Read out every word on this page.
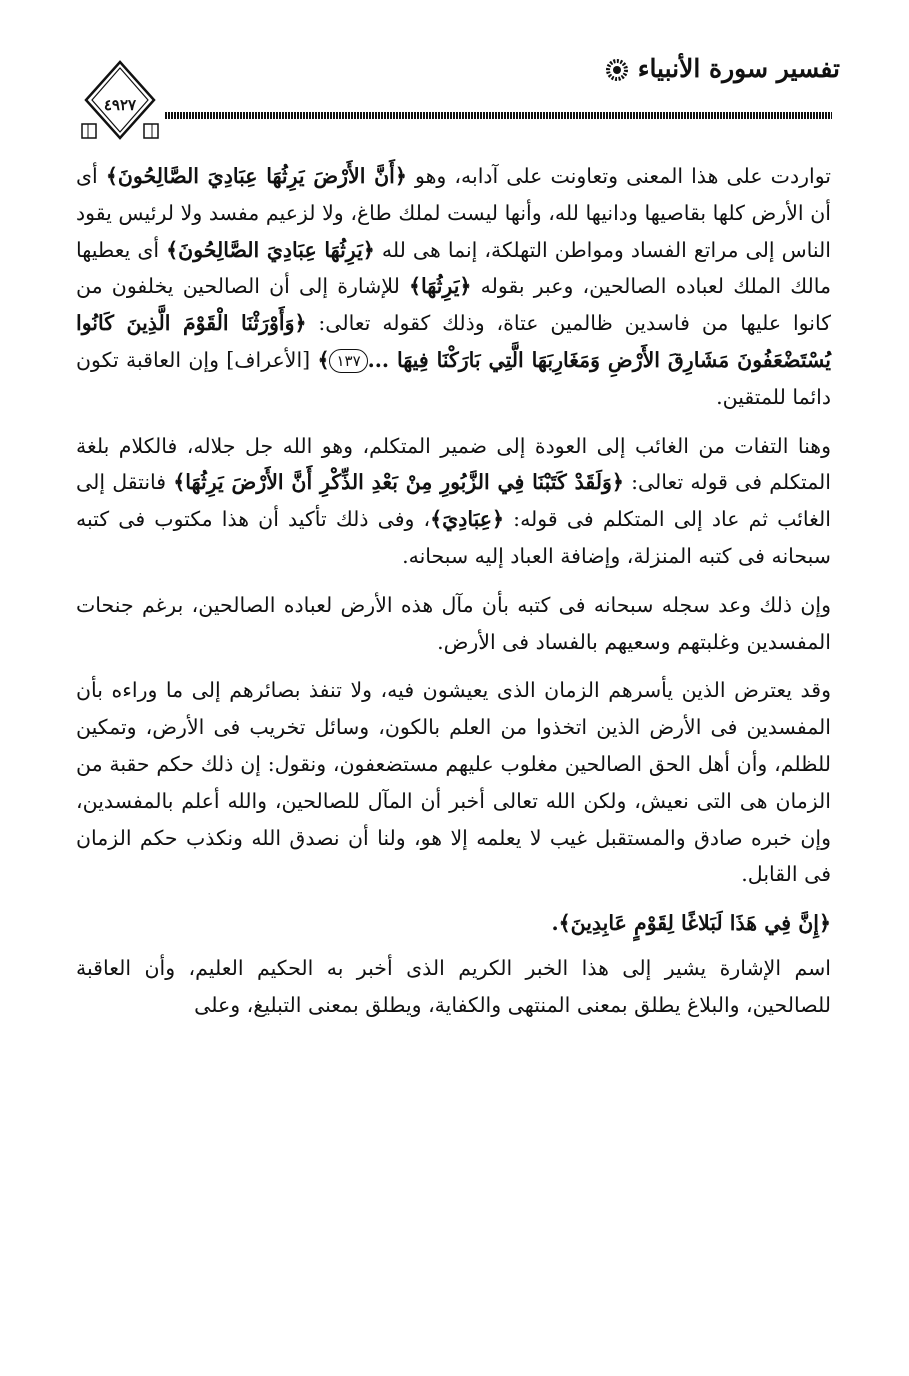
تفسير سورة الأنبياء
٤٩٢٧

تواردت على هذا المعنى وتعاونت على آدابه، وهو ﴿أَنَّ الأَرْضَ يَرِثُهَا عِبَادِيَ الصَّالِحُونَ﴾ أى أن الأرض كلها بقاصيها ودانيها لله، وأنها ليست لملك طاغ، ولا لزعيم مفسد ولا لرئيس يقود الناس إلى مراتع الفساد ومواطن التهلكة، إنما هى لله ﴿يَرِثُهَا عِبَادِيَ الصَّالِحُونَ﴾ أى يعطيها مالك الملك لعباده الصالحين، وعبر بقوله ﴿يَرِثُهَا﴾ للإشارة إلى أن الصالحين يخلفون من كانوا عليها من فاسدين ظالمين عتاة، وذلك كقوله تعالى: ﴿وَأَوْرَثْنَا الْقَوْمَ الَّذِينَ كَانُوا يُسْتَضْعَفُونَ مَشَارِقَ الأَرْضِ وَمَغَارِبَهَا الَّتِي بَارَكْنَا فِيهَا ...١٣٧﴾ [الأعراف] وإن العاقبة تكون دائما للمتقين.

وهنا التفات من الغائب إلى العودة إلى ضمير المتكلم، وهو الله جل جلاله، فالكلام بلغة المتكلم فى قوله تعالى: ﴿وَلَقَدْ كَتَبْنَا فِي الزَّبُورِ مِنْ بَعْدِ الذِّكْرِ أَنَّ الأَرْضَ يَرِثُهَا﴾ فانتقل إلى الغائب ثم عاد إلى المتكلم فى قوله: ﴿عِبَادِيَ﴾، وفى ذلك تأكيد أن هذا مكتوب فى كتبه سبحانه فى كتبه المنزلة، وإضافة العباد إليه سبحانه.

وإن ذلك وعد سجله سبحانه فى كتبه بأن مآل هذه الأرض لعباده الصالحين، برغم جنحات المفسدين وغلبتهم وسعيهم بالفساد فى الأرض.

وقد يعترض الذين يأسرهم الزمان الذى يعيشون فيه، ولا تنفذ بصائرهم إلى ما وراءه بأن المفسدين فى الأرض الذين اتخذوا من العلم بالكون، وسائل تخريب فى الأرض، وتمكين للظلم، وأن أهل الحق الصالحين مغلوب عليهم مستضعفون، ونقول: إن ذلك حكم حقبة من الزمان هى التى نعيش، ولكن الله تعالى أخبر أن المآل للصالحين، والله أعلم بالمفسدين، وإن خبره صادق والمستقبل غيب لا يعلمه إلا هو، ولنا أن نصدق الله ونكذب حكم الزمان فى القابل.

﴿إِنَّ فِي هَذَا لَبَلاغًا لِقَوْمٍ عَابِدِينَ﴾.

اسم الإشارة يشير إلى هذا الخبر الكريم الذى أخبر به الحكيم العليم، وأن العاقبة للصالحين، والبلاغ يطلق بمعنى المنتهى والكفاية، ويطلق بمعنى التبليغ، وعلى
